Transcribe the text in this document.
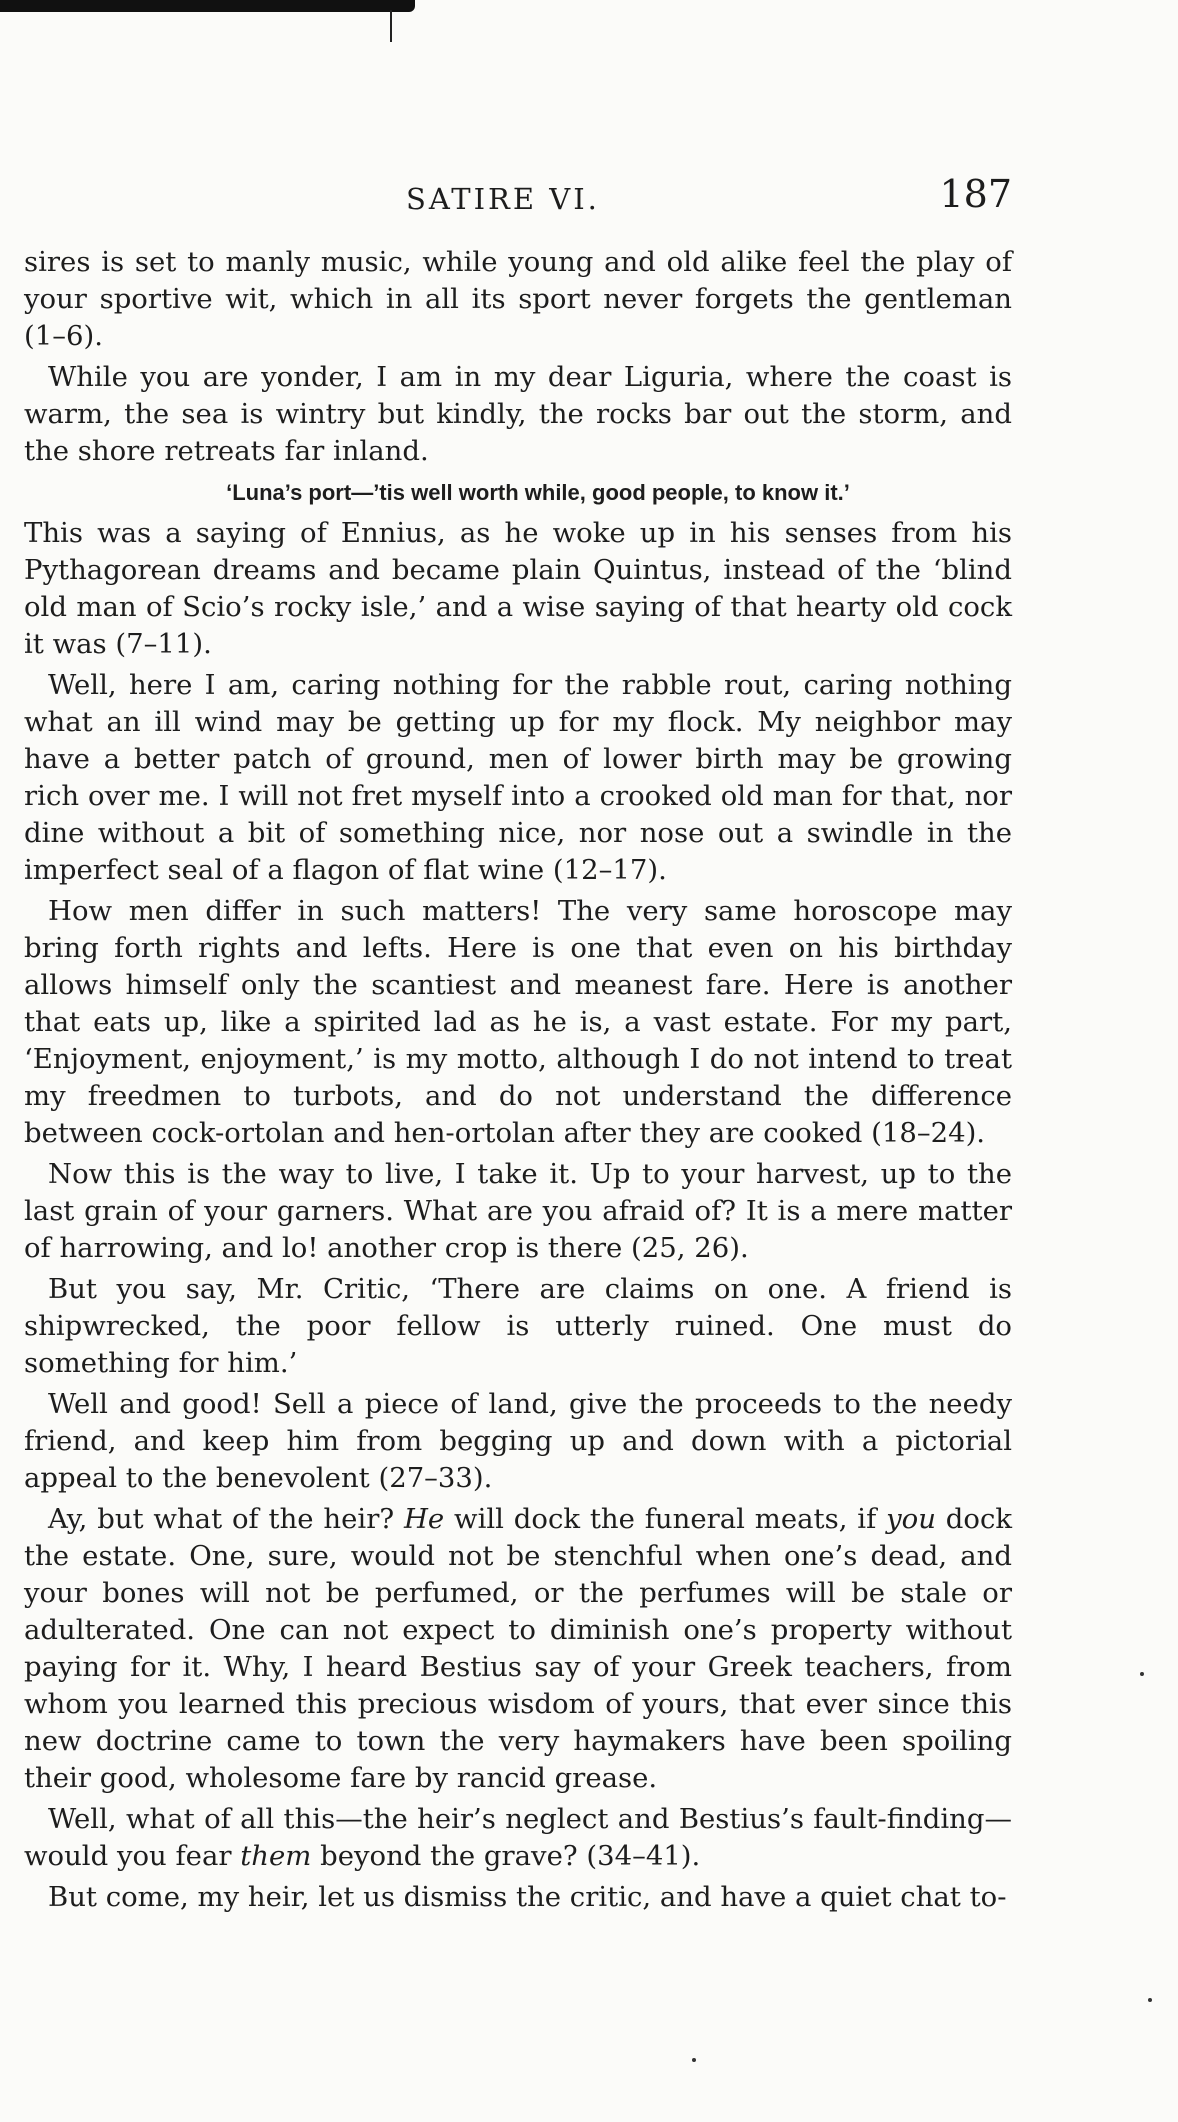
SATIRE VI.	187

sires is set to manly music, while young and old alike feel the play of your sportive wit, which in all its sport never forgets the gentleman (1–6).

While you are yonder, I am in my dear Liguria, where the coast is warm, the sea is wintry but kindly, the rocks bar out the storm, and the shore retreats far inland.

‘Luna’s port—’tis well worth while, good people, to know it.’

This was a saying of Ennius, as he woke up in his senses from his Pythagorean dreams and became plain Quintus, instead of the ‘blind old man of Scio’s rocky isle,’ and a wise saying of that hearty old cock it was (7–11).

Well, here I am, caring nothing for the rabble rout, caring nothing what an ill wind may be getting up for my flock. My neighbor may have a better patch of ground, men of lower birth may be growing rich over me. I will not fret myself into a crooked old man for that, nor dine without a bit of something nice, nor nose out a swindle in the imperfect seal of a flagon of flat wine (12–17).

How men differ in such matters! The very same horoscope may bring forth rights and lefts. Here is one that even on his birthday allows himself only the scantiest and meanest fare. Here is another that eats up, like a spirited lad as he is, a vast estate. For my part, ‘Enjoyment, enjoyment,’ is my motto, although I do not intend to treat my freedmen to turbots, and do not understand the difference between cock-ortolan and hen-ortolan after they are cooked (18–24).

Now this is the way to live, I take it. Up to your harvest, up to the last grain of your garners. What are you afraid of? It is a mere matter of harrowing, and lo! another crop is there (25, 26).

But you say, Mr. Critic, ‘There are claims on one. A friend is shipwrecked, the poor fellow is utterly ruined. One must do something for him.’

Well and good! Sell a piece of land, give the proceeds to the needy friend, and keep him from begging up and down with a pictorial appeal to the benevolent (27–33).

Ay, but what of the heir? He will dock the funeral meats, if you dock the estate. One, sure, would not be stenchful when one’s dead, and your bones will not be perfumed, or the perfumes will be stale or adulterated. One can not expect to diminish one’s property without paying for it. Why, I heard Bestius say of your Greek teachers, from whom you learned this precious wisdom of yours, that ever since this new doctrine came to town the very haymakers have been spoiling their good, wholesome fare by rancid grease.

Well, what of all this—the heir’s neglect and Bestius’s fault-finding—would you fear them beyond the grave? (34–41).

But come, my heir, let us dismiss the critic, and have a quiet chat to-
